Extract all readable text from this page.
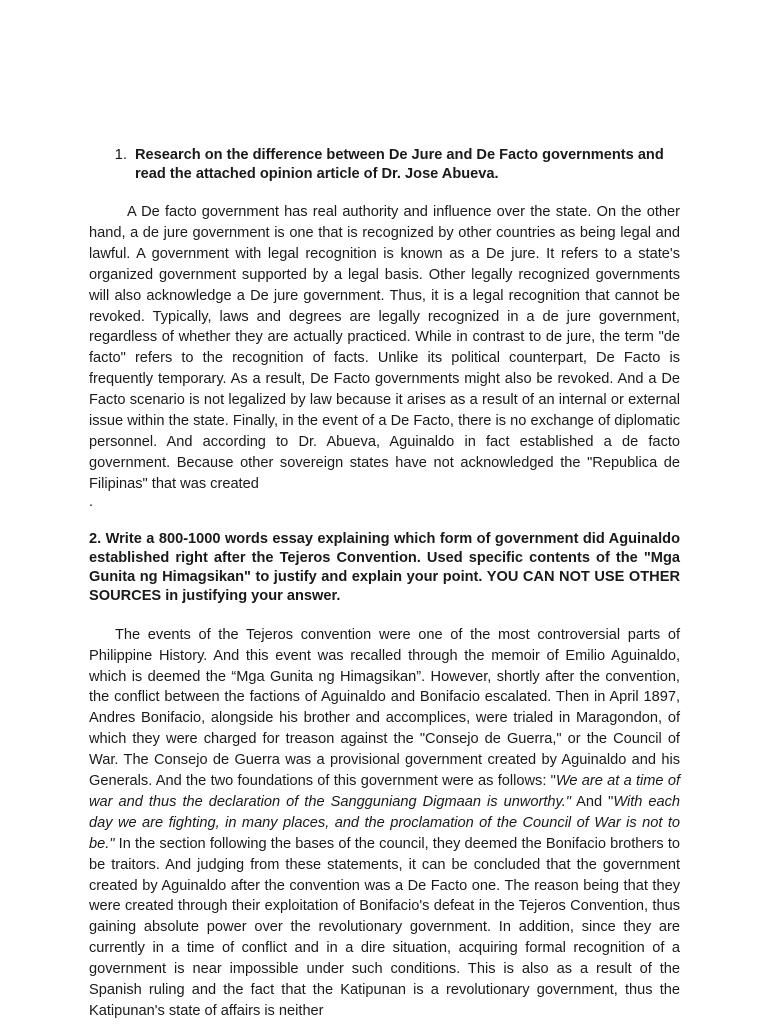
1. Research on the difference between De Jure and De Facto governments and read the attached opinion article of Dr. Jose Abueva.

A De facto government has real authority and influence over the state. On the other hand, a de jure government is one that is recognized by other countries as being legal and lawful. A government with legal recognition is known as a De jure. It refers to a state's organized government supported by a legal basis. Other legally recognized governments will also acknowledge a De jure government. Thus, it is a legal recognition that cannot be revoked. Typically, laws and degrees are legally recognized in a de jure government, regardless of whether they are actually practiced. While in contrast to de jure, the term "de facto" refers to the recognition of facts. Unlike its political counterpart, De Facto is frequently temporary. As a result, De Facto governments might also be revoked. And a De Facto scenario is not legalized by law because it arises as a result of an internal or external issue within the state. Finally, in the event of a De Facto, there is no exchange of diplomatic personnel. And according to Dr. Abueva, Aguinaldo in fact established a de facto government. Because other sovereign states have not acknowledged the "Republica de Filipinas" that was created

.

2. Write a 800-1000 words essay explaining which form of government did Aguinaldo established right after the Tejeros Convention. Used specific contents of the "Mga Gunita ng Himagsikan" to justify and explain your point. YOU CAN NOT USE OTHER SOURCES in justifying your answer.

The events of the Tejeros convention were one of the most controversial parts of Philippine History. And this event was recalled through the memoir of Emilio Aguinaldo, which is deemed the “Mga Gunita ng Himagsikan”. However, shortly after the convention, the conflict between the factions of Aguinaldo and Bonifacio escalated. Then in April 1897, Andres Bonifacio, alongside his brother and accomplices, were trialed in Maragondon, of which they were charged for treason against the "Consejo de Guerra," or the Council of War. The Consejo de Guerra was a provisional government created by Aguinaldo and his Generals. And the two foundations of this government were as follows: "We are at a time of war and thus the declaration of the Sangguniang Digmaan is unworthy." And "With each day we are fighting, in many places, and the proclamation of the Council of War is not to be." In the section following the bases of the council, they deemed the Bonifacio brothers to be traitors. And judging from these statements, it can be concluded that the government created by Aguinaldo after the convention was a De Facto one. The reason being that they were created through their exploitation of Bonifacio's defeat in the Tejeros Convention, thus gaining absolute power over the revolutionary government. In addition, since they are currently in a time of conflict and in a dire situation, acquiring formal recognition of a government is near impossible under such conditions. This is also as a result of the Spanish ruling and the fact that the Katipunan is a revolutionary government, thus the Katipunan's state of affairs is neither
